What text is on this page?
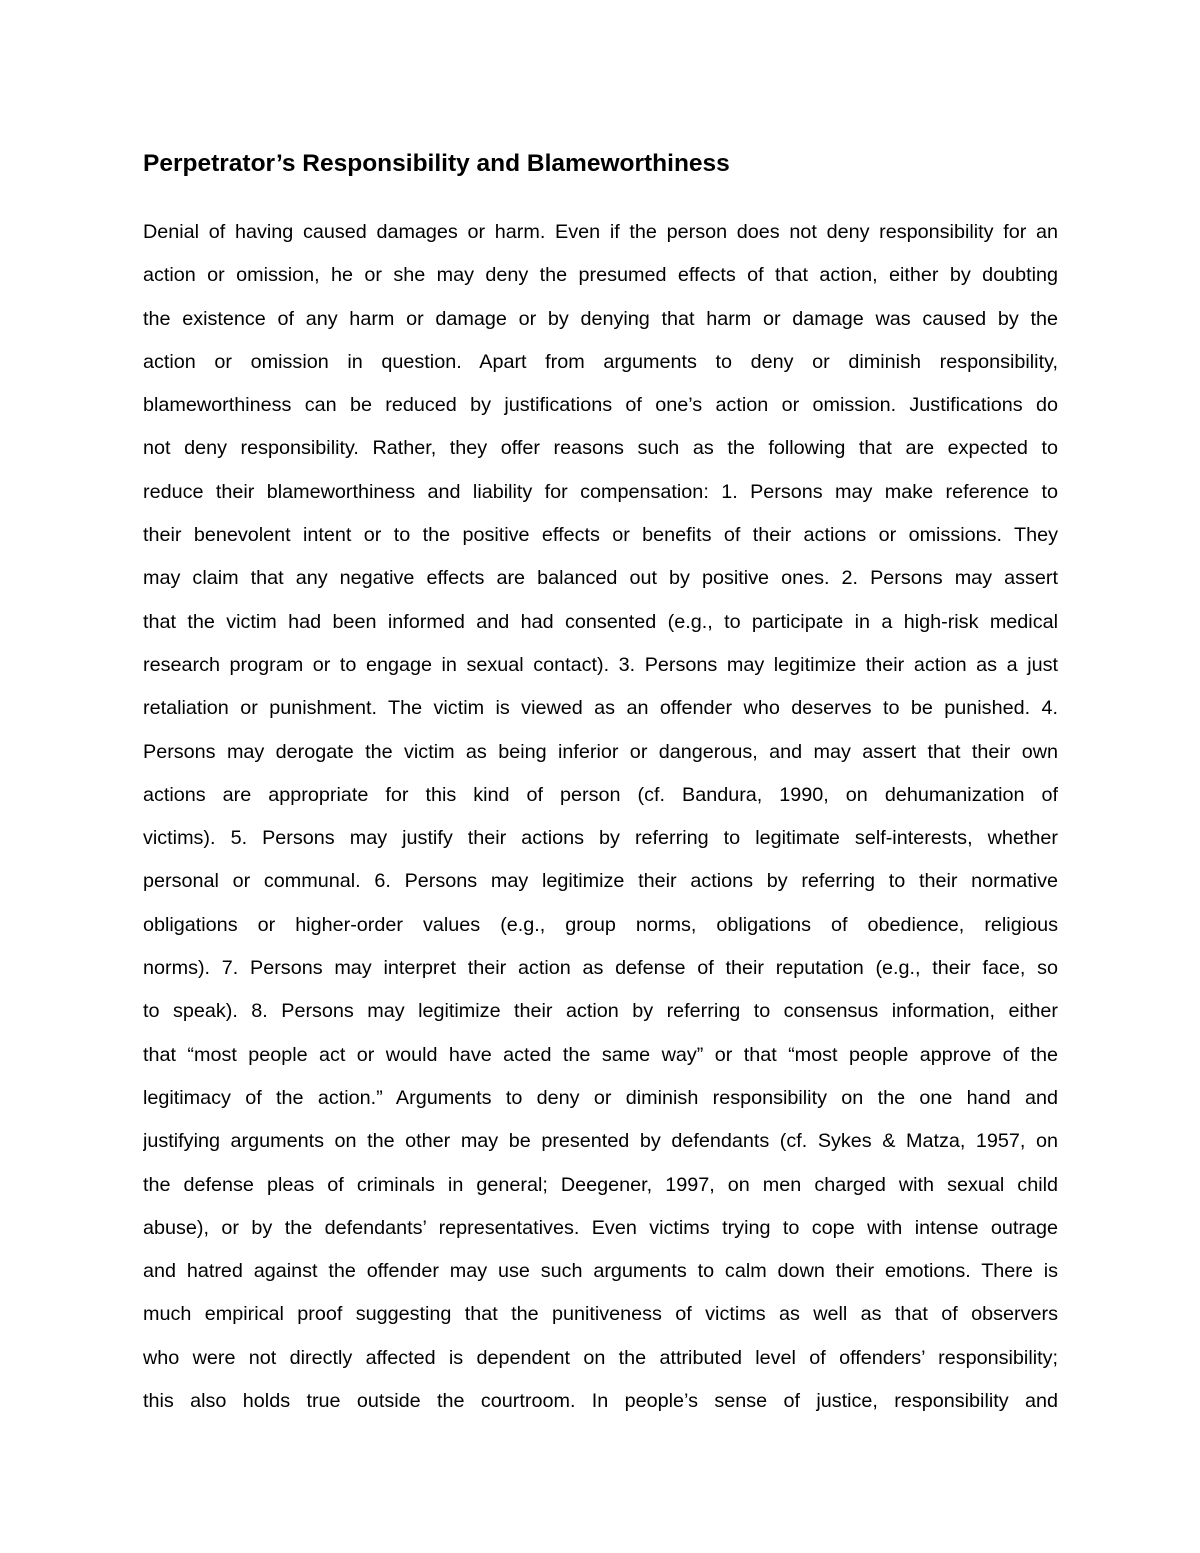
Perpetrator’s Responsibility and Blameworthiness
Denial of having caused damages or harm. Even if the person does not deny responsibility for an
action or omission, he or she may deny the presumed effects of that action, either by doubting
the existence of any harm or damage or by denying that harm or damage was caused by the
action or omission in question. Apart from arguments to deny or diminish responsibility,
blameworthiness can be reduced by justifications of one’s action or omission. Justifications do
not deny responsibility. Rather, they offer reasons such as the following that are expected to
reduce their blameworthiness and liability for compensation: 1. Persons may make reference to
their benevolent intent or to the positive effects or benefits of their actions or omissions. They
may claim that any negative effects are balanced out by positive ones. 2. Persons may assert
that the victim had been informed and had consented (e.g., to participate in a high-risk medical
research program or to engage in sexual contact). 3. Persons may legitimize their action as a just
retaliation or punishment. The victim is viewed as an offender who deserves to be punished. 4.
Persons may derogate the victim as being inferior or dangerous, and may assert that their own
actions are appropriate for this kind of person (cf. Bandura, 1990, on dehumanization of
victims). 5. Persons may justify their actions by referring to legitimate self-interests, whether
personal or communal. 6. Persons may legitimize their actions by referring to their normative
obligations or higher-order values (e.g., group norms, obligations of obedience, religious
norms). 7. Persons may interpret their action as defense of their reputation (e.g., their face, so
to speak). 8. Persons may legitimize their action by referring to consensus information, either
that “most people act or would have acted the same way” or that “most people approve of the
legitimacy of the action.” Arguments to deny or diminish responsibility on the one hand and
justifying arguments on the other may be presented by defendants (cf. Sykes & Matza, 1957, on
the defense pleas of criminals in general; Deegener, 1997, on men charged with sexual child
abuse), or by the defendants’ representatives. Even victims trying to cope with intense outrage
and hatred against the offender may use such arguments to calm down their emotions. There is
much empirical proof suggesting that the punitiveness of victims as well as that of observers
who were not directly affected is dependent on the attributed level of offenders’ responsibility;
this also holds true outside the courtroom. In people’s sense of justice, responsibility and
